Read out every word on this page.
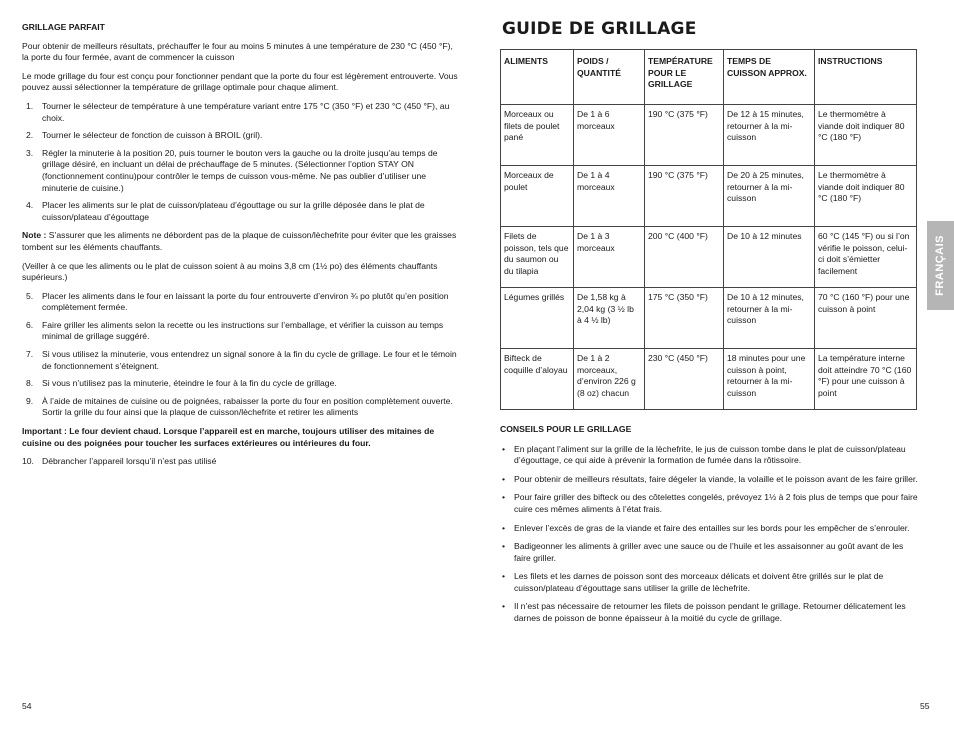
GRILLAGE PARFAIT

Pour obtenir de meilleurs résultats, préchauffer le four au moins 5 minutes à une température de 230 °C (450 °F), la porte du four fermée, avant de commencer la cuisson

Le mode grillage du four est conçu pour fonctionner pendant que la porte du four est légèrement entrouverte. Vous pouvez aussi sélectionner la température de grillage optimale pour chaque aliment.

1. Tourner le sélecteur de température à une température variant entre 175 °C (350 °F) et 230 °C (450 °F), au choix.
2. Tourner le sélecteur de fonction de cuisson à BROIL (gril).
3. Régler la minuterie à la position 20, puis tourner le bouton vers la gauche ou la droite jusqu’au temps de grillage désiré, en incluant un délai de préchauffage de 5 minutes. (Sélectionner l’option STAY ON (fonctionnement continu)pour contrôler le temps de cuisson vous-même. Ne pas oublier d’utiliser une minuterie de cuisine.)
4. Placer les aliments sur le plat de cuisson/plateau d’égouttage ou sur la grille déposée dans le plat de cuisson/plateau d’égouttage

Note : S’assurer que les aliments ne débordent pas de la plaque de cuisson/lèchefrite pour éviter que les graisses tombent sur les éléments chauffants.

(Veiller à ce que les aliments ou le plat de cuisson soient à au moins 3,8 cm (1½ po) des éléments chauffants supérieurs.)

5. Placer les aliments dans le four en laissant la porte du four entrouverte d’environ ¾ po plutôt qu’en position complètement fermée.
6. Faire griller les aliments selon la recette ou les instructions sur l’emballage, et vérifier la cuisson au temps minimal de grillage suggéré.
7. Si vous utilisez la minuterie, vous entendrez un signal sonore à la fin du cycle de grillage. Le four et le témoin de fonctionnement s’éteignent.
8. Si vous n’utilisez pas la minuterie, éteindre le four à la fin du cycle de grillage.
9. À l’aide de mitaines de cuisine ou de poignées, rabaisser la porte du four en position complètement ouverte. Sortir la grille du four ainsi que la plaque de cuisson/lèchefrite et retirer les aliments

Important : Le four devient chaud. Lorsque l’appareil est en marche, toujours utiliser des mitaines de cuisine ou des poignées pour toucher les surfaces extérieures ou intérieures du four.

10. Débrancher l’appareil lorsqu’il n’est pas utilisé
54
GUIDE DE GRILLAGE
ALIMENTS	POIDS / QUANTITÉ	TEMPÉRATURE POUR LE GRILLAGE	TEMPS DE CUISSON APPROX.	INSTRUCTIONS
Morceaux ou filets de poulet pané	De 1 à 6 morceaux	190 °C (375 °F)	De 12 à 15 minutes, retourner à la mi-cuisson	Le thermomètre à viande doit indiquer 80 °C (180 °F)
Morceaux de poulet	De 1 à 4 morceaux	190 °C (375 °F)	De 20 à 25 minutes, retourner à la mi-cuisson	Le thermomètre à viande doit indiquer 80 °C (180 °F)
Filets de poisson, tels que du saumon ou du tilapia	De 1 à 3 morceaux	200 °C (400 °F)	De 10 à 12 minutes	60 °C (145 °F) ou si l’on vérifie le poisson, celui-ci doit s’émietter facilement
Légumes grillés	De 1,58 kg à 2,04 kg (3 ½ lb à 4 ½ lb)	175 °C (350 °F)	De 10 à 12 minutes, retourner à la mi-cuisson	70 °C (160 °F) pour une cuisson à point
Bifteck de coquille d’aloyau	De 1 à 2 morceaux, d’environ 226 g (8 oz) chacun	230 °C (450 °F)	18 minutes pour une cuisson à point, retourner à la mi-cuisson	La température interne doit atteindre 70 °C (160 °F) pour une cuisson à point
CONSEILS POUR LE GRILLAGE
• En plaçant l’aliment sur la grille de la lèchefrite, le jus de cuisson tombe dans le plat de cuisson/plateau d’égouttage, ce qui aide à prévenir la formation de fumée dans la rôtissoire.
• Pour obtenir de meilleurs résultats, faire dégeler la viande, la volaille et le poisson avant de les faire griller.
• Pour faire griller des bifteck ou des côtelettes congelés, prévoyez 1½ à 2 fois plus de temps que pour faire cuire ces mêmes aliments à l’état frais.
• Enlever l’excès de gras de la viande et faire des entailles sur les bords pour les empêcher de s’enrouler.
• Badigeonner les aliments à griller avec une sauce ou de l’huile et les assaisonner au goût avant de les faire griller.
• Les filets et les darnes de poisson sont des morceaux délicats et doivent être grillés sur le plat de cuisson/plateau d’égouttage sans utiliser la grille de lèchefrite.
• Il n’est pas nécessaire de retourner les filets de poisson pendant le grillage. Retourner délicatement les darnes de poisson de bonne épaisseur à la moitié du cycle de grillage.
55
FRANÇAIS
